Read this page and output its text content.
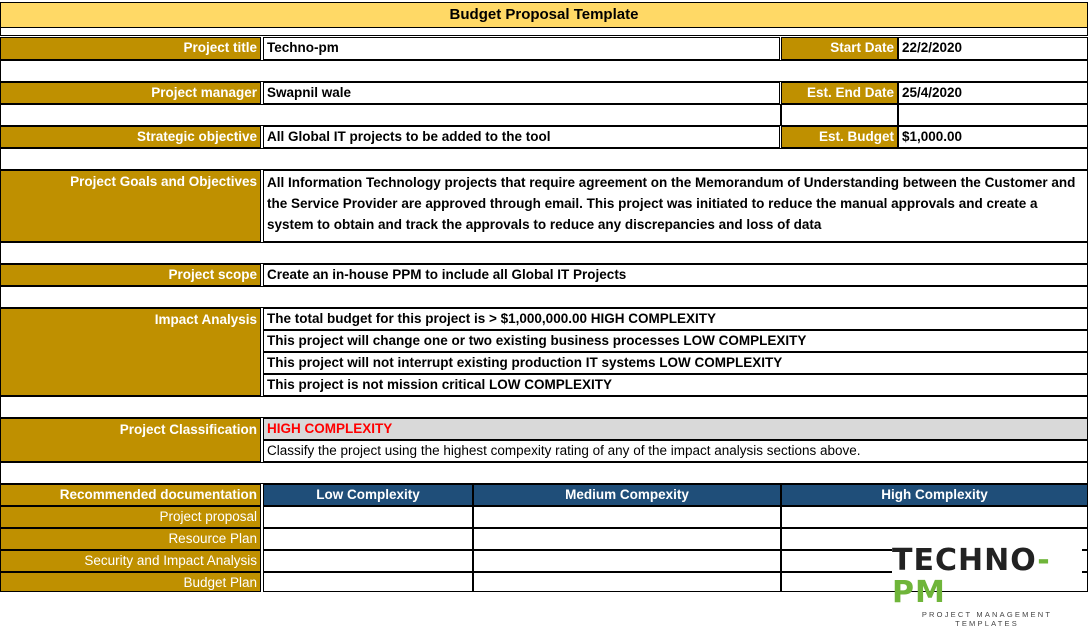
Budget Proposal Template
Project title Techno-pm	Start Date 22/2/2020
Project manager Swapnil wale	Est. End Date 25/4/2020
Strategic objective All Global IT projects to be added to the tool	Est. Budget $1,000.00
Project Goals and Objectives All Information Technology projects that require agreement on the Memorandum of Understanding between the Customer and the Service Provider are approved through email. This project was initiated to reduce the manual approvals and create a system to obtain and track the approvals to reduce any discrepancies and loss of data
Project scope Create an in-house PPM to include all Global IT Projects
Impact Analysis The total budget for this project is > $1,000,000.00 HIGH COMPLEXITY
This project will change one or two existing business processes LOW COMPLEXITY
This project will not interrupt existing production IT systems LOW COMPLEXITY
This project is not mission critical LOW COMPLEXITY
Project Classification HIGH COMPLEXITY
Classify the project using the highest compexity rating of any of the impact analysis sections above.
Recommended documentation	Low Complexity	Medium Compexity	High Complexity
Project proposal
Resource Plan
Security and Impact Analysis
Budget Plan
TECHNO-PM
PROJECT MANAGEMENT TEMPLATES
